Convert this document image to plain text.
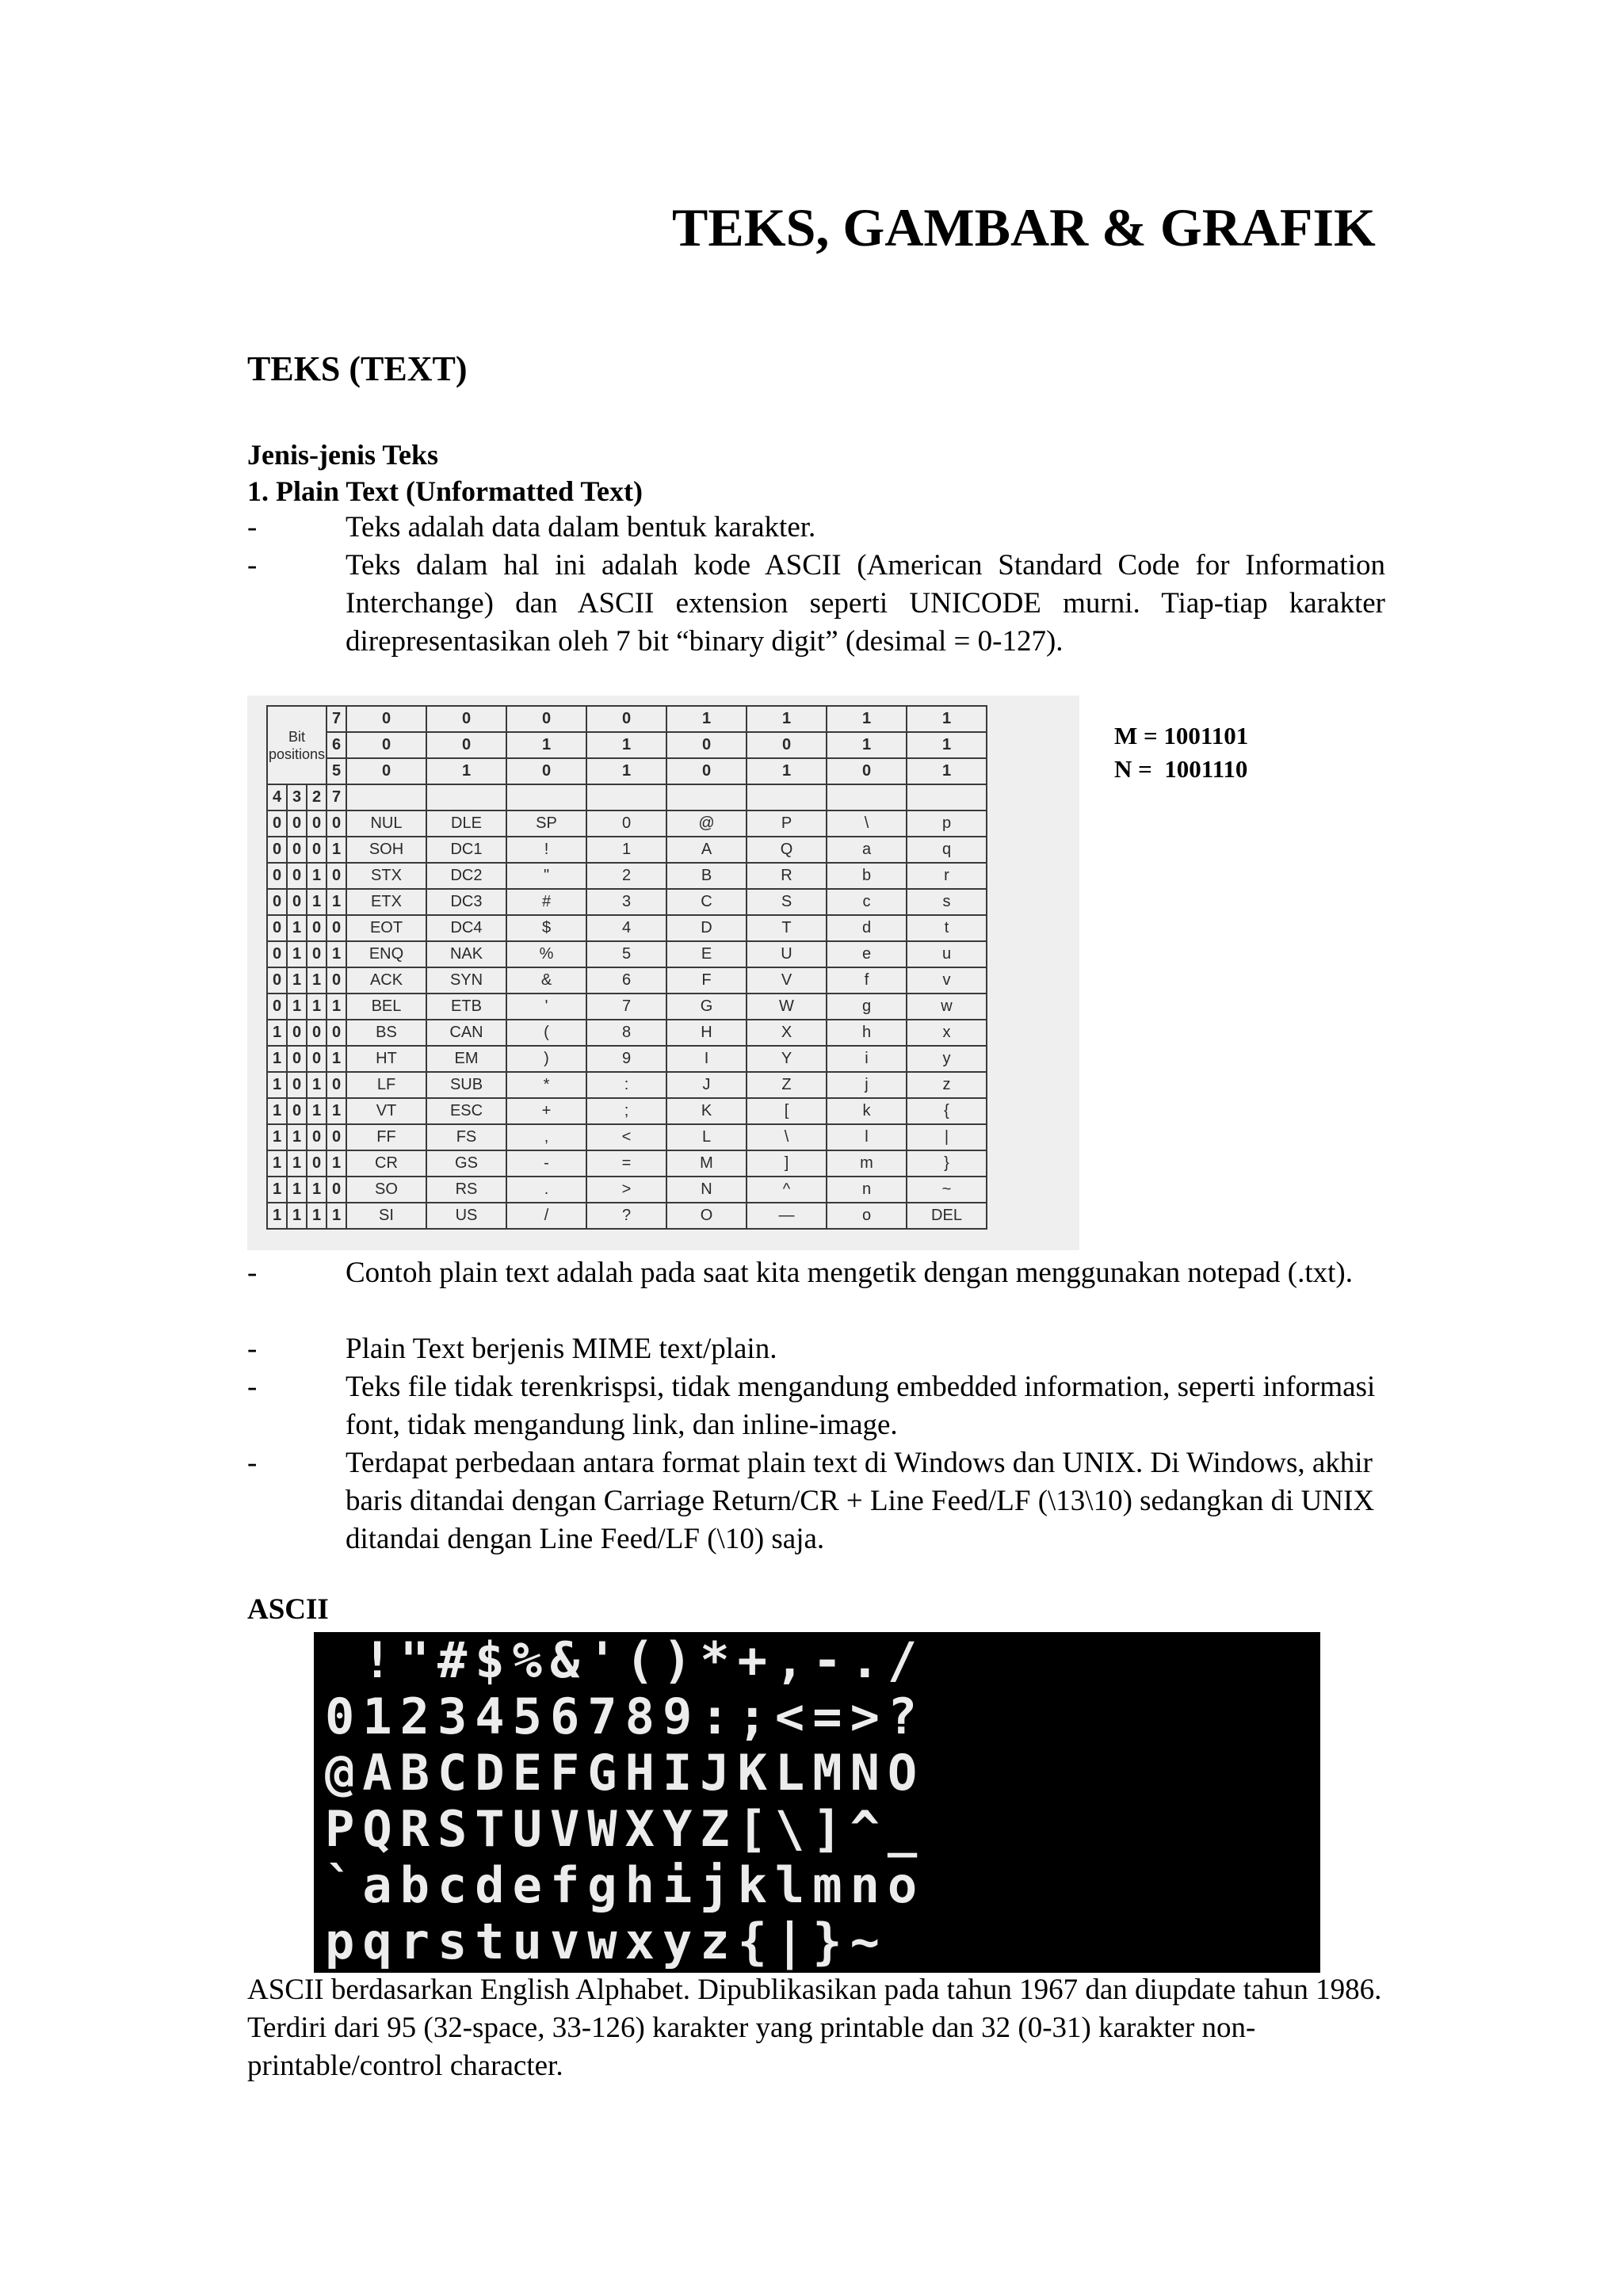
TEKS, GAMBAR & GRAFIK
TEKS (TEXT)
Jenis-jenis Teks
1. Plain Text (Unformatted Text)
-	Teks adalah data dalam bentuk karakter.
-	Teks dalam hal ini adalah kode ASCII (American Standard Code for Information Interchange) dan ASCII extension seperti UNICODE murni. Tiap-tiap karakter direpresentasikan oleh 7 bit “binary digit” (desimal = 0-127).
Bit positions			7	0	0	0	0	1	1	1	1
			6	0	0	1	1	0	0	1	1
			5	0	1	0	1	0	1	0	1
4	3	2	7								
0	0	0	0	NUL	DLE	SP	0	@	P	\	p
0	0	0	1	SOH	DC1	!	1	A	Q	a	q
0	0	1	0	STX	DC2	"	2	B	R	b	r
0	0	1	1	ETX	DC3	#	3	C	S	c	s
0	1	0	0	EOT	DC4	$	4	D	T	d	t
0	1	0	1	ENQ	NAK	%	5	E	U	e	u
0	1	1	0	ACK	SYN	&	6	F	V	f	v
0	1	1	1	BEL	ETB	'	7	G	W	g	w
1	0	0	0	BS	CAN	(	8	H	X	h	x
1	0	0	1	HT	EM	)	9	I	Y	i	y
1	0	1	0	LF	SUB	*	:	J	Z	j	z
1	0	1	1	VT	ESC	+	;	K	[	k	{
1	1	0	0	FF	FS	,	<	L	\	l	|
1	1	0	1	CR	GS	-	=	M	]	m	}
1	1	1	0	SO	RS	.	>	N	^	n	~
1	1	1	1	SI	US	/	?	O	—	o	DEL
M = 1001101
N =  1001110
-	Contoh plain text adalah pada saat kita mengetik dengan menggunakan notepad (.txt).
-	Plain Text berjenis MIME text/plain.
-	Teks file tidak terenkrispsi, tidak mengandung embedded information, seperti informasi font, tidak mengandung link, dan inline-image.
-	Terdapat perbedaan antara format plain text di Windows dan UNIX. Di Windows, akhir baris ditandai dengan Carriage Return/CR + Line Feed/LF (\13\10) sedangkan di UNIX ditandai dengan Line Feed/LF (\10) saja.
ASCII
!"#$%&'()*+,-./
0123456789:;<=>?
@ABCDEFGHIJKLMNO
PQRSTUVWXYZ[\]^_
`abcdefghijklmno
pqrstuvwxyz{|}~

ASCII berdasarkan English Alphabet. Dipublikasikan pada tahun 1967 dan diupdate tahun 1986. Terdiri dari 95 (32-space, 33-126) karakter yang printable dan 32 (0-31) karakter non-printable/control character.
